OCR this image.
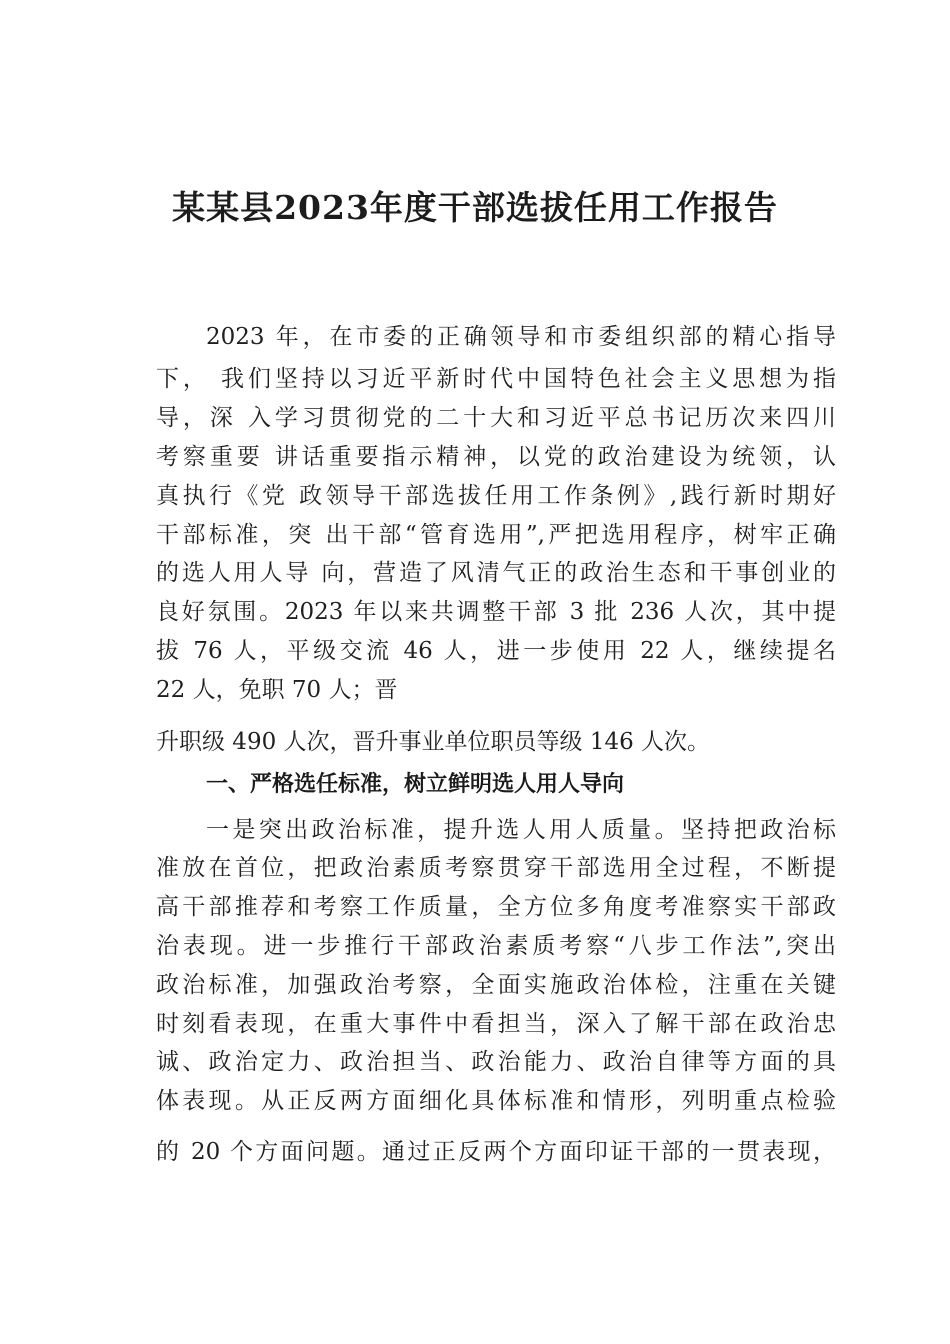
某某县2023年度干部选拔任用工作报告
2023 年，在市委的正确领导和市委组织部的精心指导
下， 我们坚持以习近平新时代中国特色社会主义思想为指
导，深 入学习贯彻党的二十大和习近平总书记历次来四川
考察重要 讲话重要指示精神，以党的政治建设为统领，认
真执行《党 政领导干部选拔任用工作条例》,践行新时期好
干部标准，突 出干部“管育选用”,严把选用程序，树牢正确
的选人用人导 向，营造了风清气正的政治生态和干事创业的
良好氛围。2023 年以来共调整干部 3 批 236 人次，其中提
拔 76 人，平级交流 46 人，进一步使用 22 人，继续提名
22 人，免职 70 人；晋
升职级 490 人次，晋升事业单位职员等级 146 人次。
一、严格选任标准，树立鲜明选人用人导向
一是突出政治标准，提升选人用人质量。坚持把政治标
准放在首位，把政治素质考察贯穿干部选用全过程，不断提
高干部推荐和考察工作质量，全方位多角度考准察实干部政
治表现。进一步推行干部政治素质考察“八步工作法”,突出
政治标准，加强政治考察，全面实施政治体检，注重在关键
时刻看表现，在重大事件中看担当，深入了解干部在政治忠
诚、政治定力、政治担当、政治能力、政治自律等方面的具
体表现。从正反两方面细化具体标准和情形，列明重点检验
的 20 个方面问题。通过正反两个方面印证干部的一贯表现，
